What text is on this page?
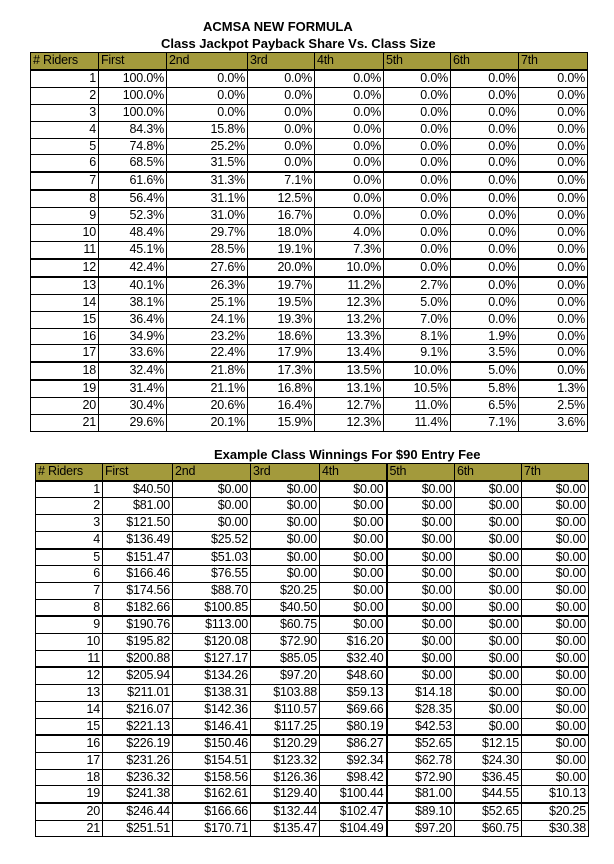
ACMSA NEW FORMULA
Class Jackpot Payback Share Vs. Class Size
# Riders	First	2nd	3rd	4th	5th	6th	7th
1	100.0%	0.0%	0.0%	0.0%	0.0%	0.0%	0.0%
2	100.0%	0.0%	0.0%	0.0%	0.0%	0.0%	0.0%
3	100.0%	0.0%	0.0%	0.0%	0.0%	0.0%	0.0%
4	84.3%	15.8%	0.0%	0.0%	0.0%	0.0%	0.0%
5	74.8%	25.2%	0.0%	0.0%	0.0%	0.0%	0.0%
6	68.5%	31.5%	0.0%	0.0%	0.0%	0.0%	0.0%
7	61.6%	31.3%	7.1%	0.0%	0.0%	0.0%	0.0%
8	56.4%	31.1%	12.5%	0.0%	0.0%	0.0%	0.0%
9	52.3%	31.0%	16.7%	0.0%	0.0%	0.0%	0.0%
10	48.4%	29.7%	18.0%	4.0%	0.0%	0.0%	0.0%
11	45.1%	28.5%	19.1%	7.3%	0.0%	0.0%	0.0%
12	42.4%	27.6%	20.0%	10.0%	0.0%	0.0%	0.0%
13	40.1%	26.3%	19.7%	11.2%	2.7%	0.0%	0.0%
14	38.1%	25.1%	19.5%	12.3%	5.0%	0.0%	0.0%
15	36.4%	24.1%	19.3%	13.2%	7.0%	0.0%	0.0%
16	34.9%	23.2%	18.6%	13.3%	8.1%	1.9%	0.0%
17	33.6%	22.4%	17.9%	13.4%	9.1%	3.5%	0.0%
18	32.4%	21.8%	17.3%	13.5%	10.0%	5.0%	0.0%
19	31.4%	21.1%	16.8%	13.1%	10.5%	5.8%	1.3%
20	30.4%	20.6%	16.4%	12.7%	11.0%	6.5%	2.5%
21	29.6%	20.1%	15.9%	12.3%	11.4%	7.1%	3.6%
Example Class Winnings For $90 Entry Fee
# Riders	First	2nd	3rd	4th	5th	6th	7th
1	$40.50	$0.00	$0.00	$0.00	$0.00	$0.00	$0.00
2	$81.00	$0.00	$0.00	$0.00	$0.00	$0.00	$0.00
3	$121.50	$0.00	$0.00	$0.00	$0.00	$0.00	$0.00
4	$136.49	$25.52	$0.00	$0.00	$0.00	$0.00	$0.00
5	$151.47	$51.03	$0.00	$0.00	$0.00	$0.00	$0.00
6	$166.46	$76.55	$0.00	$0.00	$0.00	$0.00	$0.00
7	$174.56	$88.70	$20.25	$0.00	$0.00	$0.00	$0.00
8	$182.66	$100.85	$40.50	$0.00	$0.00	$0.00	$0.00
9	$190.76	$113.00	$60.75	$0.00	$0.00	$0.00	$0.00
10	$195.82	$120.08	$72.90	$16.20	$0.00	$0.00	$0.00
11	$200.88	$127.17	$85.05	$32.40	$0.00	$0.00	$0.00
12	$205.94	$134.26	$97.20	$48.60	$0.00	$0.00	$0.00
13	$211.01	$138.31	$103.88	$59.13	$14.18	$0.00	$0.00
14	$216.07	$142.36	$110.57	$69.66	$28.35	$0.00	$0.00
15	$221.13	$146.41	$117.25	$80.19	$42.53	$0.00	$0.00
16	$226.19	$150.46	$120.29	$86.27	$52.65	$12.15	$0.00
17	$231.26	$154.51	$123.32	$92.34	$62.78	$24.30	$0.00
18	$236.32	$158.56	$126.36	$98.42	$72.90	$36.45	$0.00
19	$241.38	$162.61	$129.40	$100.44	$81.00	$44.55	$10.13
20	$246.44	$166.66	$132.44	$102.47	$89.10	$52.65	$20.25
21	$251.51	$170.71	$135.47	$104.49	$97.20	$60.75	$30.38
